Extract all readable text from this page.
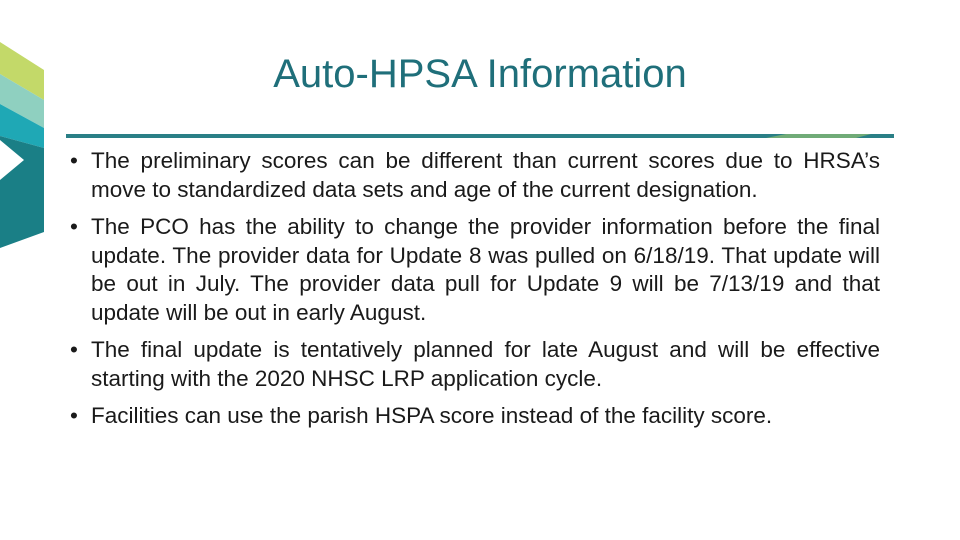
Auto-HPSA Information
• The preliminary scores can be different than current scores due to HRSA’s move to standardized data sets and age of the current designation.
• The PCO has the ability to change the provider information before the final update. The provider data for Update 8 was pulled on 6/18/19. That update will be out in July. The provider data pull for Update 9 will be 7/13/19 and that update will be out in early August.
• The final update is tentatively planned for late August and will be effective starting with the 2020 NHSC LRP application cycle.
• Facilities can use the parish HSPA score instead of the facility score.
